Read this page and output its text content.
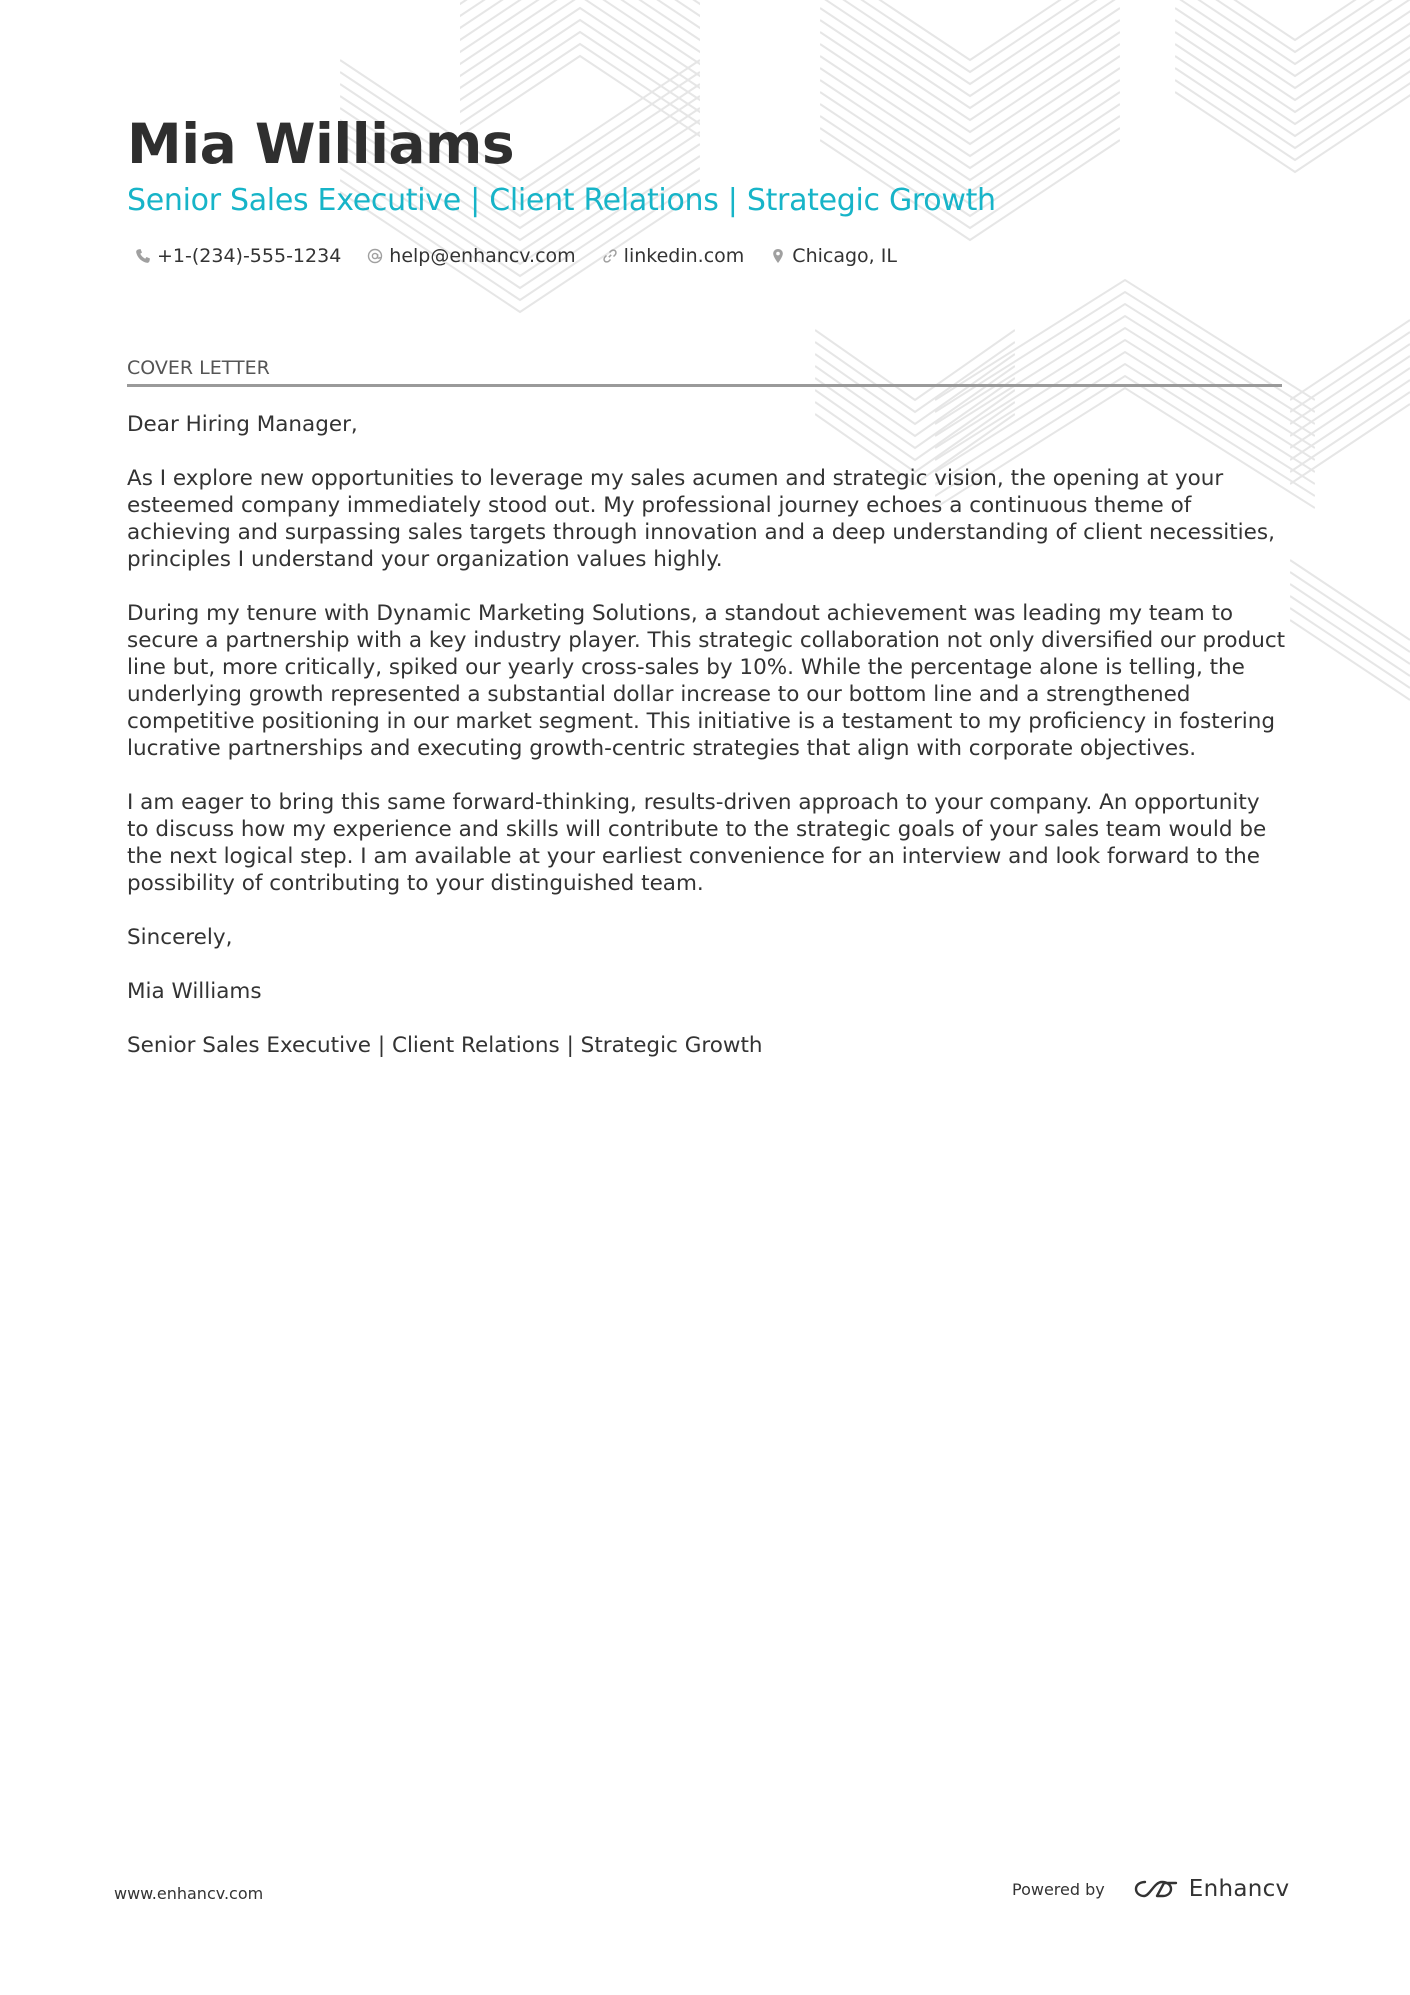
Mia Williams
Senior Sales Executive | Client Relations | Strategic Growth
+1-(234)-555-1234	help@enhancv.com	linkedin.com	Chicago, IL
COVER LETTER

Dear Hiring Manager,

As I explore new opportunities to leverage my sales acumen and strategic vision, the opening at your esteemed company immediately stood out. My professional journey echoes a continuous theme of achieving and surpassing sales targets through innovation and a deep understanding of client necessities, principles I understand your organization values highly.

During my tenure with Dynamic Marketing Solutions, a standout achievement was leading my team to secure a partnership with a key industry player. This strategic collaboration not only diversified our product line but, more critically, spiked our yearly cross-sales by 10%. While the percentage alone is telling, the underlying growth represented a substantial dollar increase to our bottom line and a strengthened competitive positioning in our market segment. This initiative is a testament to my proficiency in fostering lucrative partnerships and executing growth-centric strategies that align with corporate objectives.

I am eager to bring this same forward-thinking, results-driven approach to your company. An opportunity to discuss how my experience and skills will contribute to the strategic goals of your sales team would be the next logical step. I am available at your earliest convenience for an interview and look forward to the possibility of contributing to your distinguished team.

Sincerely,

Mia Williams

Senior Sales Executive | Client Relations | Strategic Growth

www.enhancv.com	Powered by	Enhancv
